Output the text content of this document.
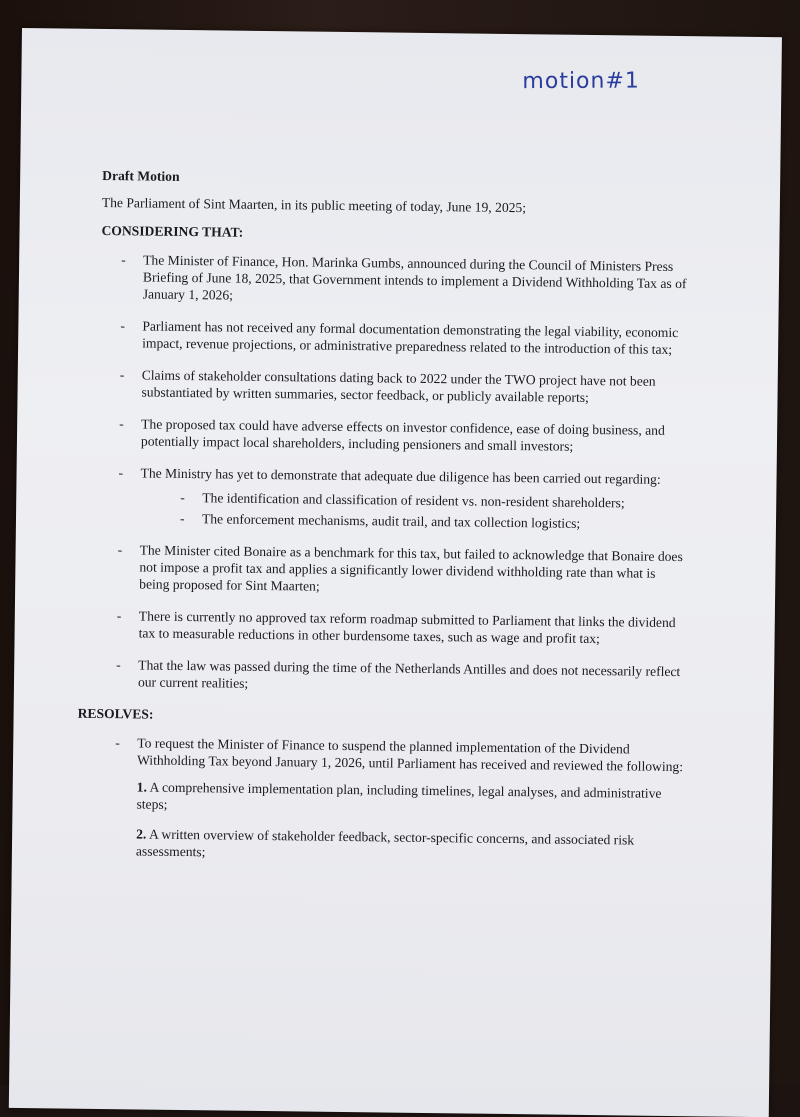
motion#1
Draft Motion
The Parliament of Sint Maarten, in its public meeting of today, June 19, 2025;
CONSIDERING THAT:
- The Minister of Finance, Hon. Marinka Gumbs, announced during the Council of Ministers Press Briefing of June 18, 2025, that Government intends to implement a Dividend Withholding Tax as of January 1, 2026;
- Parliament has not received any formal documentation demonstrating the legal viability, economic impact, revenue projections, or administrative preparedness related to the introduction of this tax;
- Claims of stakeholder consultations dating back to 2022 under the TWO project have not been substantiated by written summaries, sector feedback, or publicly available reports;
- The proposed tax could have adverse effects on investor confidence, ease of doing business, and potentially impact local shareholders, including pensioners and small investors;
- The Ministry has yet to demonstrate that adequate due diligence has been carried out regarding:
- The identification and classification of resident vs. non-resident shareholders;
- The enforcement mechanisms, audit trail, and tax collection logistics;
- The Minister cited Bonaire as a benchmark for this tax, but failed to acknowledge that Bonaire does not impose a profit tax and applies a significantly lower dividend withholding rate than what is being proposed for Sint Maarten;
- There is currently no approved tax reform roadmap submitted to Parliament that links the dividend tax to measurable reductions in other burdensome taxes, such as wage and profit tax;
- That the law was passed during the time of the Netherlands Antilles and does not necessarily reflect our current realities;
RESOLVES:
- To request the Minister of Finance to suspend the planned implementation of the Dividend Withholding Tax beyond January 1, 2026, until Parliament has received and reviewed the following:
1. A comprehensive implementation plan, including timelines, legal analyses, and administrative steps;
2. A written overview of stakeholder feedback, sector-specific concerns, and associated risk assessments;
